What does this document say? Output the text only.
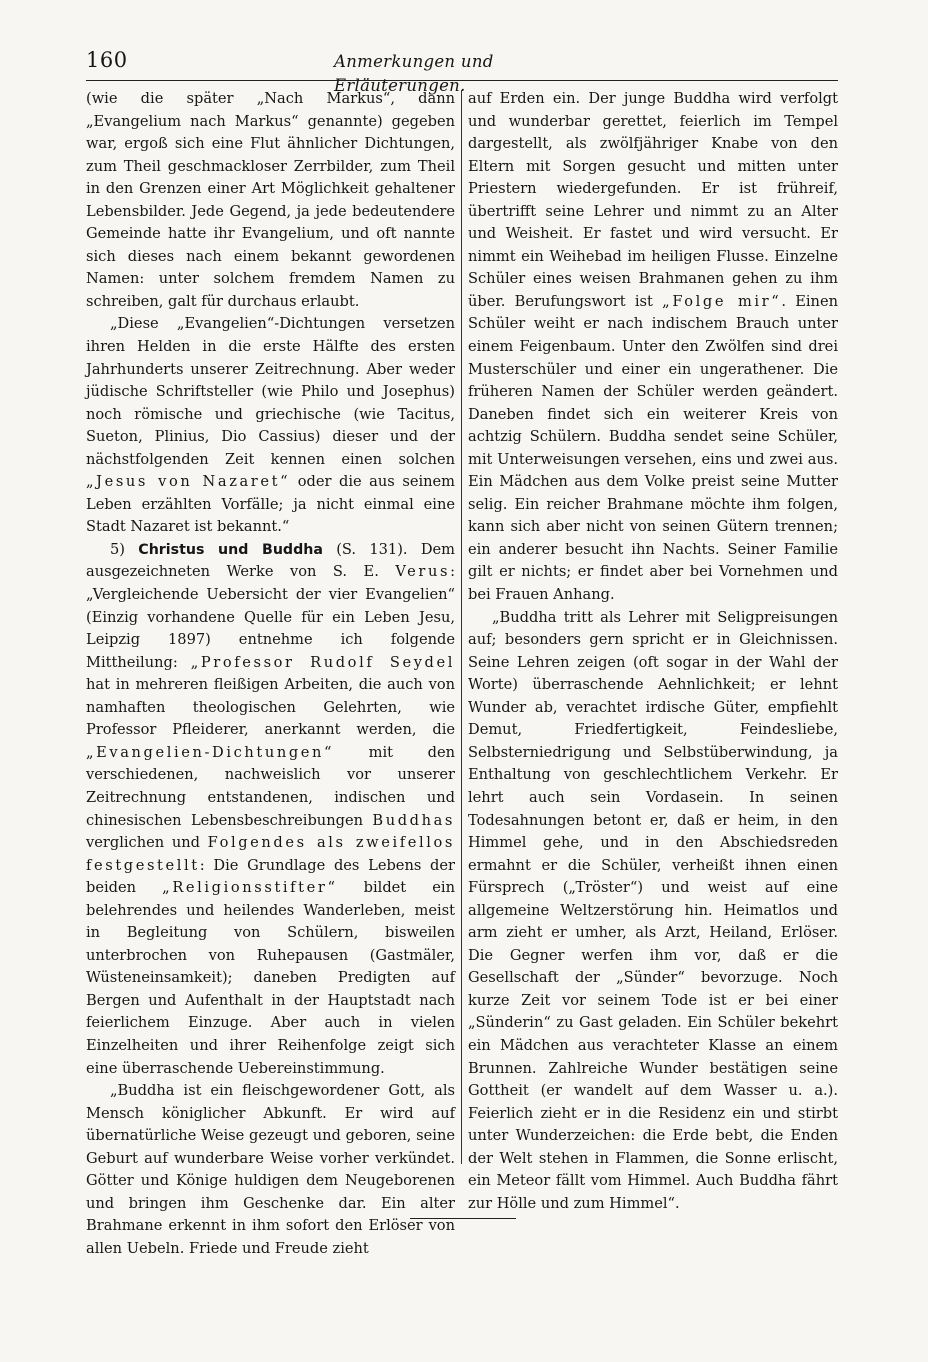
160	Anmerkungen und Erläuterungen.

(wie die später „Nach Markus“, dann „Evangelium nach Markus“ genannte) gegeben war, ergoß sich eine Flut ähnlicher Dichtungen, zum Theil geschmackloser Zerrbilder, zum Theil in den Grenzen einer Art Möglichkeit gehaltener Lebensbilder. Jede Gegend, ja jede bedeutendere Gemeinde hatte ihr Evangelium, und oft nannte sich dieses nach einem bekannt gewordenen Namen: unter solchem fremdem Namen zu schreiben, galt für durchaus erlaubt.

„Diese „Evangelien“-Dichtungen versetzen ihren Helden in die erste Hälfte des ersten Jahrhunderts unserer Zeitrechnung. Aber weder jüdische Schriftsteller (wie Philo und Josephus) noch römische und griechische (wie Tacitus, Sueton, Plinius, Dio Cassius) dieser und der nächstfolgenden Zeit kennen einen solchen „Jesus von Nazaret“ oder die aus seinem Leben erzählten Vorfälle; ja nicht einmal eine Stadt Nazaret ist bekannt.“

5) Christus und Buddha (S. 131). Dem ausgezeichneten Werke von S. E. Verus: „Vergleichende Uebersicht der vier Evangelien“ (Einzig vorhandene Quelle für ein Leben Jesu, Leipzig 1897) entnehme ich folgende Mittheilung: „Professor Rudolf Seydel hat in mehreren fleißigen Arbeiten, die auch von namhaften theologischen Gelehrten, wie Professor Pfleiderer, anerkannt werden, die „Evangelien-Dichtungen“ mit den verschiedenen, nachweislich vor unserer Zeitrechnung entstandenen, indischen und chinesischen Lebensbeschreibungen Buddhas verglichen und Folgendes als zweifellos festgestellt: Die Grundlage des Lebens der beiden „Religionsstifter“ bildet ein belehrendes und heilendes Wanderleben, meist in Begleitung von Schülern, bisweilen unterbrochen von Ruhepausen (Gastmäler, Wüsteneinsamkeit); daneben Predigten auf Bergen und Aufenthalt in der Hauptstadt nach feierlichem Einzuge. Aber auch in vielen Einzelheiten und ihrer Reihenfolge zeigt sich eine überraschende Uebereinstimmung.

„Buddha ist ein fleischgewordener Gott, als Mensch königlicher Abkunft. Er wird auf übernatürliche Weise gezeugt und geboren, seine Geburt auf wunderbare Weise vorher verkündet. Götter und Könige huldigen dem Neugeborenen und bringen ihm Geschenke dar. Ein alter Brahmane erkennt in ihm sofort den Erlöser von allen Uebeln. Friede und Freude zieht

auf Erden ein. Der junge Buddha wird verfolgt und wunderbar gerettet, feierlich im Tempel dargestellt, als zwölfjähriger Knabe von den Eltern mit Sorgen gesucht und mitten unter Priestern wiedergefunden. Er ist frühreif, übertrifft seine Lehrer und nimmt zu an Alter und Weisheit. Er fastet und wird versucht. Er nimmt ein Weihebad im heiligen Flusse. Einzelne Schüler eines weisen Brahmanen gehen zu ihm über. Berufungswort ist „Folge mir“. Einen Schüler weiht er nach indischem Brauch unter einem Feigenbaum. Unter den Zwölfen sind drei Musterschüler und einer ein ungerathener. Die früheren Namen der Schüler werden geändert. Daneben findet sich ein weiterer Kreis von achtzig Schülern. Buddha sendet seine Schüler, mit Unterweisungen versehen, eins und zwei aus. Ein Mädchen aus dem Volke preist seine Mutter selig. Ein reicher Brahmane möchte ihm folgen, kann sich aber nicht von seinen Gütern trennen; ein anderer besucht ihn Nachts. Seiner Familie gilt er nichts; er findet aber bei Vornehmen und bei Frauen Anhang.

„Buddha tritt als Lehrer mit Seligpreisungen auf; besonders gern spricht er in Gleichnissen. Seine Lehren zeigen (oft sogar in der Wahl der Worte) überraschende Aehnlichkeit; er lehnt Wunder ab, verachtet irdische Güter, empfiehlt Demut, Friedfertigkeit, Feindesliebe, Selbsterniedrigung und Selbstüberwindung, ja Enthaltung von geschlechtlichem Verkehr. Er lehrt auch sein Vordasein. In seinen Todesahnungen betont er, daß er heim, in den Himmel gehe, und in den Abschiedsreden ermahnt er die Schüler, verheißt ihnen einen Fürsprech („Tröster“) und weist auf eine allgemeine Weltzerstörung hin. Heimatlos und arm zieht er umher, als Arzt, Heiland, Erlöser. Die Gegner werfen ihm vor, daß er die Gesellschaft der „Sünder“ bevorzuge. Noch kurze Zeit vor seinem Tode ist er bei einer „Sünderin“ zu Gast geladen. Ein Schüler bekehrt ein Mädchen aus verachteter Klasse an einem Brunnen. Zahlreiche Wunder bestätigen seine Gottheit (er wandelt auf dem Wasser u. a.). Feierlich zieht er in die Residenz ein und stirbt unter Wunderzeichen: die Erde bebt, die Enden der Welt stehen in Flammen, die Sonne erlischt, ein Meteor fällt vom Himmel. Auch Buddha fährt zur Hölle und zum Himmel“.
